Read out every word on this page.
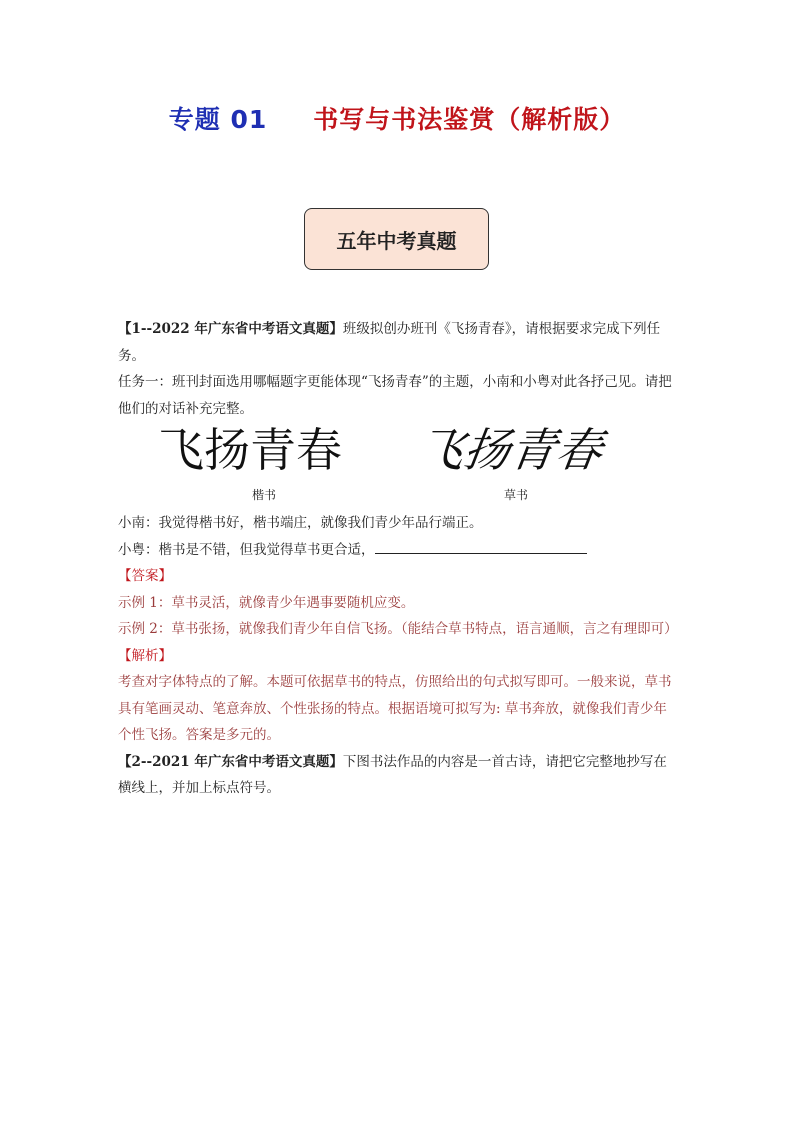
专题 01 书写与书法鉴赏（解析版）
五年中考真题

【1--2022 年广东省中考语文真题】班级拟创办班刊《飞扬青春》，请根据要求完成下列任务。

任务一：班刊封面选用哪幅题字更能体现“飞扬青春”的主题，小南和小粤对此各抒己见。请把他们的对话补充完整。

飞扬青春 飞扬青春
楷书	草书

小南：我觉得楷书好，楷书端庄，就像我们青少年品行端正。

小粤：楷书是不错，但我觉得草书更合适，

【答案】

示例 1：草书灵活，就像青少年遇事要随机应变。

示例 2：草书张扬，就像我们青少年自信飞扬。（能结合草书特点，语言通顺，言之有理即可）

【解析】

考查对字体特点的了解。本题可依据草书的特点，仿照给出的句式拟写即可。一般来说，草书具有笔画灵动、笔意奔放、个性张扬的特点。根据语境可拟写为: 草书奔放，就像我们青少年个性飞扬。答案是多元的。

【2--2021 年广东省中考语文真题】下图书法作品的内容是一首古诗，请把它完整地抄写在横线上，并加上标点符号。
